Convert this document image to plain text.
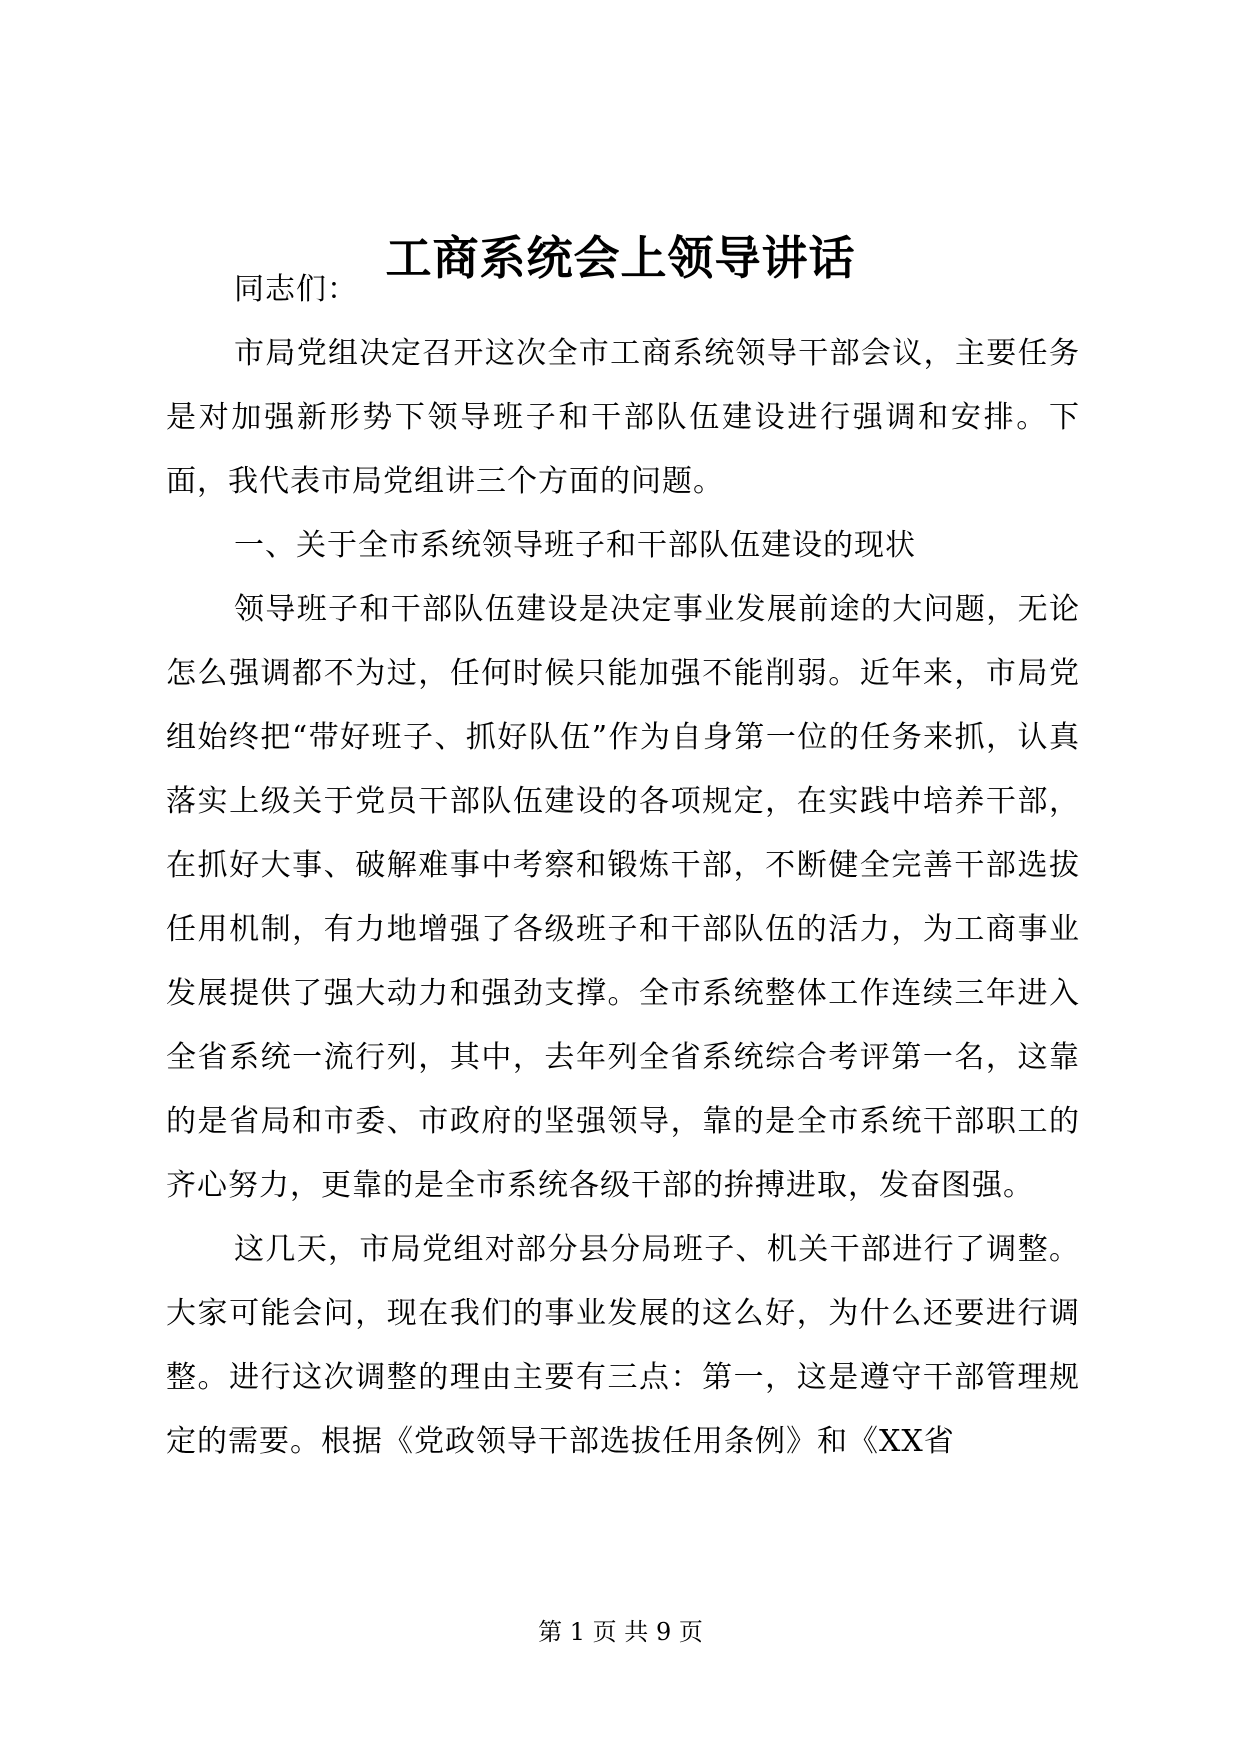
工商系统会上领导讲话

同志们：

市局党组决定召开这次全市工商系统领导干部会议，主要任务是对加强新形势下领导班子和干部队伍建设进行强调和安排。下面，我代表市局党组讲三个方面的问题。

一、关于全市系统领导班子和干部队伍建设的现状

领导班子和干部队伍建设是决定事业发展前途的大问题，无论怎么强调都不为过，任何时候只能加强不能削弱。近年来，市局党组始终把“带好班子、抓好队伍”作为自身第一位的任务来抓，认真落实上级关于党员干部队伍建设的各项规定，在实践中培养干部，在抓好大事、破解难事中考察和锻炼干部，不断健全完善干部选拔任用机制，有力地增强了各级班子和干部队伍的活力，为工商事业发展提供了强大动力和强劲支撑。全市系统整体工作连续三年进入全省系统一流行列，其中，去年列全省系统综合考评第一名，这靠的是省局和市委、市政府的坚强领导，靠的是全市系统干部职工的齐心努力，更靠的是全市系统各级干部的拚搏进取，发奋图强。

这几天，市局党组对部分县分局班子、机关干部进行了调整。大家可能会问，现在我们的事业发展的这么好，为什么还要进行调整。进行这次调整的理由主要有三点：第一，这是遵守干部管理规定的需要。根据《党政领导干部选拔任用条例》和《XX省

第 1 页 共 9 页
